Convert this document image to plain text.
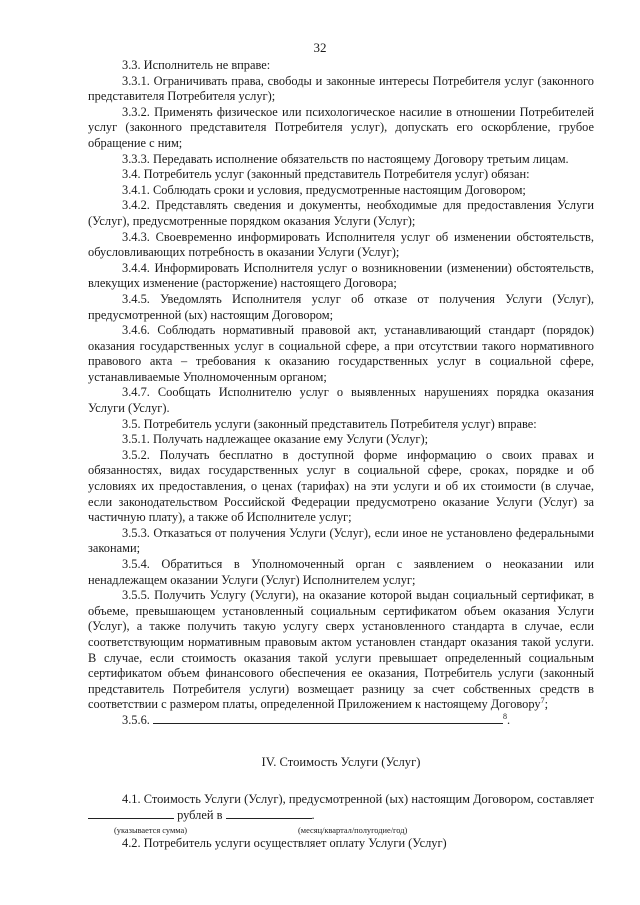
32

3.3. Исполнитель не вправе:

3.3.1. Ограничивать права, свободы и законные интересы Потребителя услуг (законного представителя Потребителя услуг);

3.3.2. Применять физическое или психологическое насилие в отношении Потребителей услуг (законного представителя Потребителя услуг), допускать его оскорбление, грубое обращение с ним;

3.3.3. Передавать исполнение обязательств по настоящему Договору третьим лицам.

3.4. Потребитель услуг (законный представитель Потребителя услуг) обязан:

3.4.1. Соблюдать сроки и условия, предусмотренные настоящим Договором;

3.4.2. Представлять сведения и документы, необходимые для предоставления Услуги (Услуг), предусмотренные порядком оказания Услуги (Услуг);

3.4.3. Своевременно информировать Исполнителя услуг об изменении обстоятельств, обусловливающих потребность в оказании Услуги (Услуг);

3.4.4. Информировать Исполнителя услуг о возникновении (изменении) обстоятельств, влекущих изменение (расторжение) настоящего Договора;

3.4.5. Уведомлять Исполнителя услуг об отказе от получения Услуги (Услуг), предусмотренной (ых) настоящим Договором;

3.4.6. Соблюдать нормативный правовой акт, устанавливающий стандарт (порядок) оказания государственных услуг в социальной сфере, а при отсутствии такого нормативного правового акта – требования к оказанию государственных услуг в социальной сфере, устанавливаемые Уполномоченным органом;

3.4.7. Сообщать Исполнителю услуг о выявленных нарушениях порядка оказания Услуги (Услуг).

3.5. Потребитель услуги (законный представитель Потребителя услуг) вправе:

3.5.1. Получать надлежащее оказание ему Услуги (Услуг);

3.5.2. Получать бесплатно в доступной форме информацию о своих правах и обязанностях, видах государственных услуг в социальной сфере, сроках, порядке и об условиях их предоставления, о ценах (тарифах) на эти услуги и об их стоимости (в случае, если законодательством Российской Федерации предусмотрено оказание Услуги (Услуг) за частичную плату), а также об Исполнителе услуг;

3.5.3. Отказаться от получения Услуги (Услуг), если иное не установлено федеральными законами;

3.5.4. Обратиться в Уполномоченный орган с заявлением о неоказании или ненадлежащем оказании Услуги (Услуг) Исполнителем услуг;

3.5.5. Получить Услугу (Услуги), на оказание которой выдан социальный сертификат, в объеме, превышающем установленный социальным сертификатом объем оказания Услуги (Услуг), а также получить такую услугу сверх установленного стандарта в случае, если соответствующим нормативным правовым актом установлен стандарт оказания такой услуги. В случае, если стоимость оказания такой услуги превышает определенный социальным сертификатом объем финансового обеспечения ее оказания, Потребитель услуги (законный представитель Потребителя услуги) возмещает разницу за счет собственных средств в соответствии с размером платы, определенной Приложением к настоящему Договору$^7$;

3.5.6.	$^8$.

IV. Стоимость Услуги (Услуг)

4.1. Стоимость Услуги (Услуг), предусмотренной (ых) настоящим Договором, составляет  рублей в	.

(указывается сумма)	(месяц/квартал/полугодие/год)

4.2. Потребитель услуги осуществляет оплату Услуги (Услуг)
